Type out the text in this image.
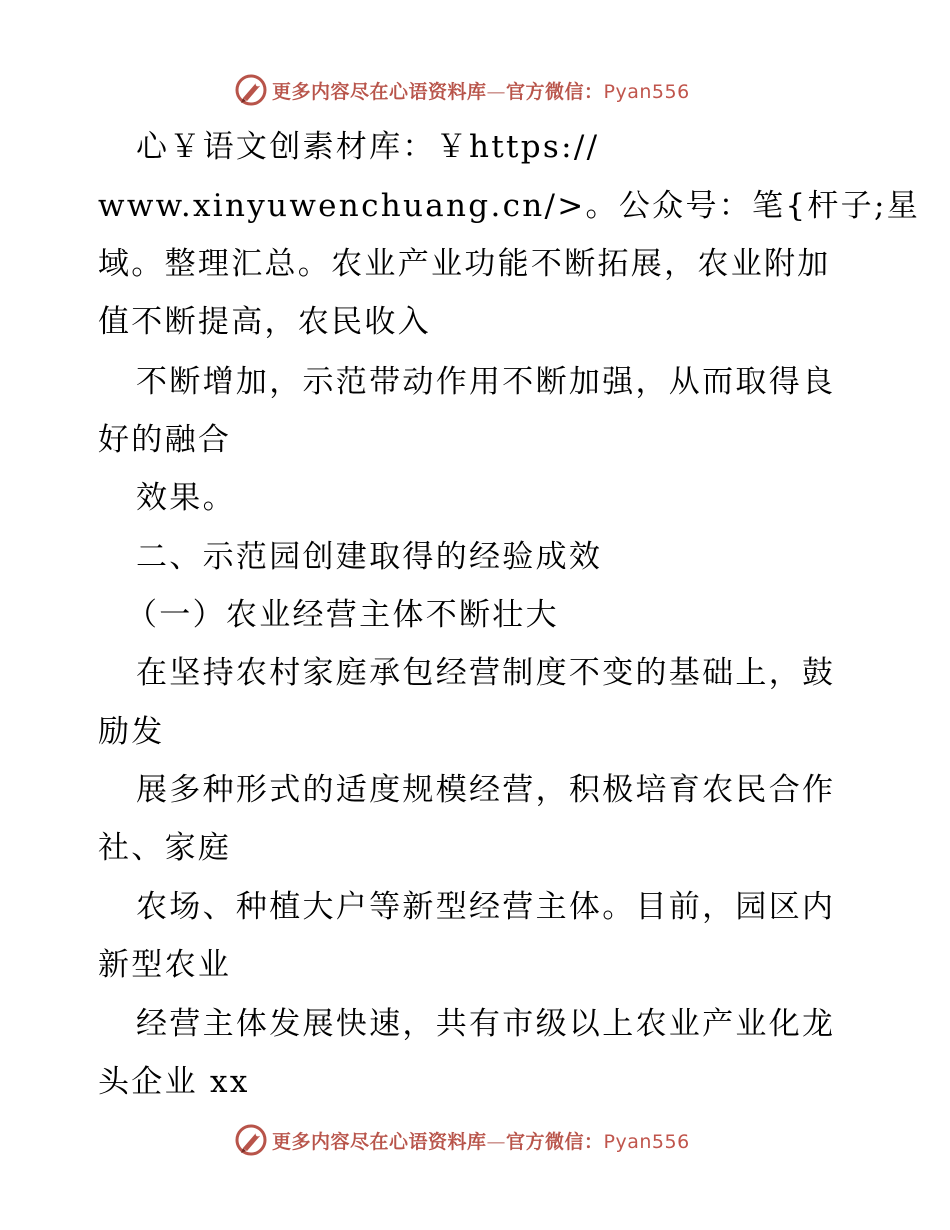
更多内容尽在心语资料库—官方微信：Pyan556
心￥语文创素材库：￥https://
www.xinyuwenchuang.cn/>。公众号：笔{杆子;星
域。整理汇总。农业产业功能不断拓展，农业附加
值不断提高，农民收入
不断增加，示范带动作用不断加强，从而取得良
好的融合
效果。
二、示范园创建取得的经验成效
（一）农业经营主体不断壮大
在坚持农村家庭承包经营制度不变的基础上，鼓
励发
展多种形式的适度规模经营，积极培育农民合作
社、家庭
农场、种植大户等新型经营主体。目前，园区内
新型农业
经营主体发展快速，共有市级以上农业产业化龙
头企业 xx
更多内容尽在心语资料库—官方微信：Pyan556
